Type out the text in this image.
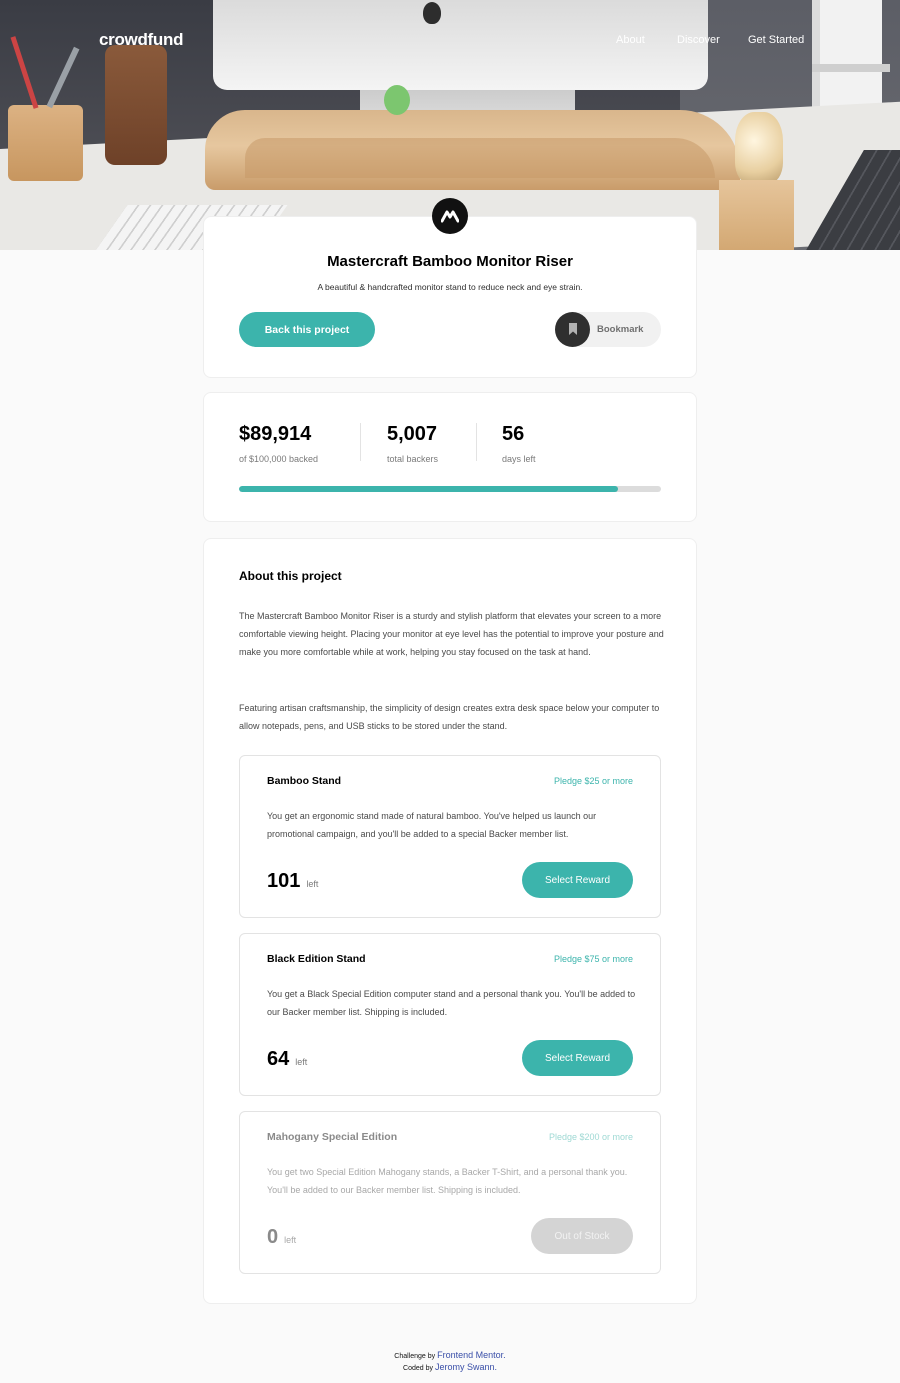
crowdfund	About	Discover	Get Started
Mastercraft Bamboo Monitor Riser

A beautiful & handcrafted monitor stand to reduce neck and eye strain.

Back this project	Bookmark
$89,914
of $100,000 backed
5,007
total backers
56
days left
About this project

The Mastercraft Bamboo Monitor Riser is a sturdy and stylish platform that elevates your screen to a more comfortable viewing height. Placing your monitor at eye level has the potential to improve your posture and make you more comfortable while at work, helping you stay focused on the task at hand.

Featuring artisan craftsmanship, the simplicity of design creates extra desk space below your computer to allow notepads, pens, and USB sticks to be stored under the stand.

Bamboo Stand	Pledge $25 or more

You get an ergonomic stand made of natural bamboo. You've helped us launch our promotional campaign, and you'll be added to a special Backer member list.

101 left	Select Reward
Black Edition Stand	Pledge $75 or more

You get a Black Special Edition computer stand and a personal thank you. You'll be added to our Backer member list. Shipping is included.

64 left	Select Reward
Mahogany Special Edition	Pledge $200 or more

You get two Special Edition Mahogany stands, a Backer T-Shirt, and a personal thank you. You'll be added to our Backer member list. Shipping is included.

0 left	Out of Stock
Challenge by Frontend Mentor.
Coded by Jeromy Swann.
